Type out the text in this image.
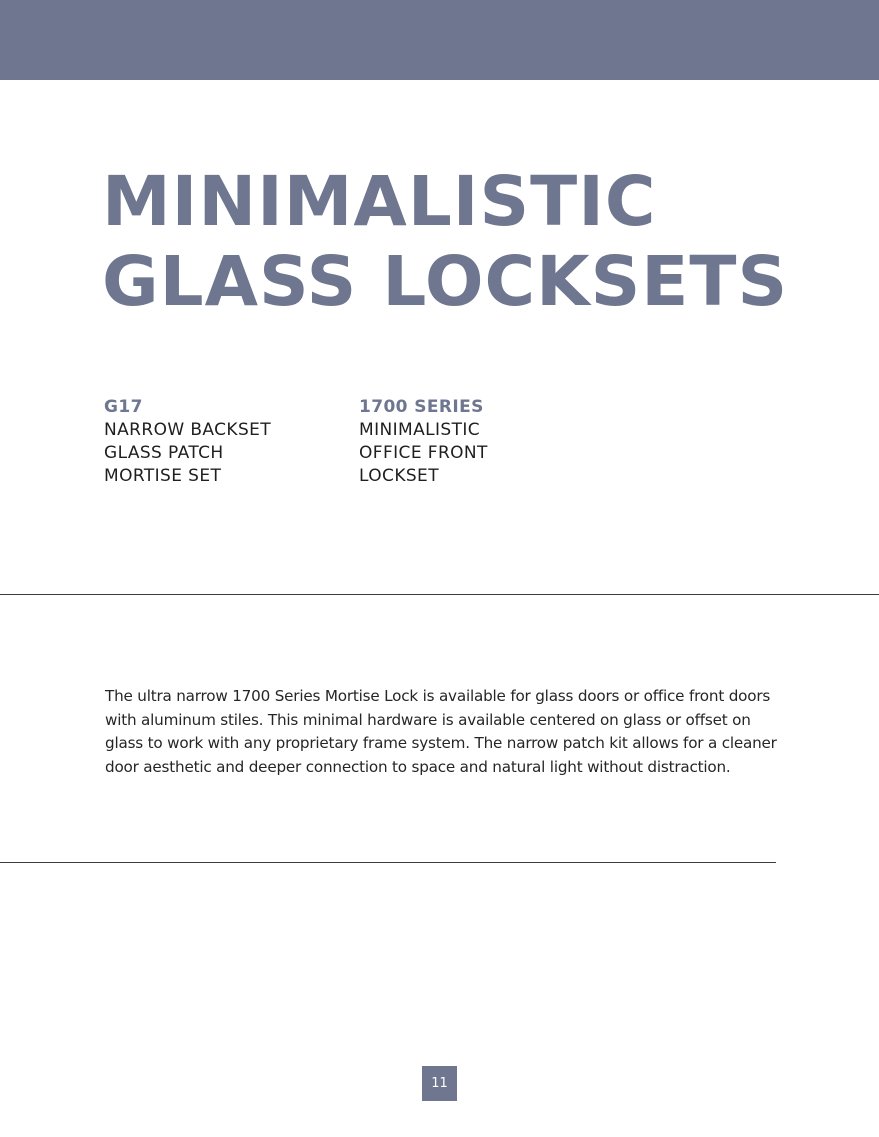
MINIMALISTIC
GLASS LOCKSETS
G17
NARROW BACKSET
GLASS PATCH
MORTISE SET
1700 SERIES
MINIMALISTIC
OFFICE FRONT
LOCKSET

The ultra narrow 1700 Series Mortise Lock is available for glass doors or office front doors with aluminum stiles. This minimal hardware is available centered on glass or offset on glass to work with any proprietary frame system. The narrow patch kit allows for a cleaner door aesthetic and deeper connection to space and natural light without distraction.

11
